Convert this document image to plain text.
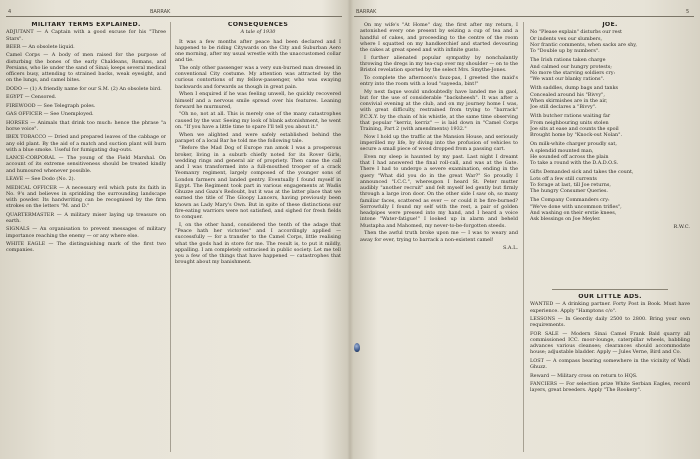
4	BARRAK
MILITARY TERMS EXPLAINED.

ADJUTANT — A Captain with a good excuse for his "Three Stars".

BEER — An obsolete liquid.

Camel Corps — A body of men raised for the purpose of disturbing the bones of the early Chaldeans, Romans, and Persians, who lie under the sand of Sinai; keeps several medical officers busy, attending to strained backs, weak eyesight, and on the lungs, and camel bites.

DODO — (1) A friendly name for our S.M. (2) An obsolete bird.

EGYPT — Censored.

FIREWOOD — See Telegraph poles.

GAS OFFICER — See Unemployed.

HORSES — Animals that drink too much: hence the phrase "a horse voice".

IBEX TOBACCO — Dried and prepared leaves of the cabbage or any old plant. By the aid of a match and suction plant will burn with a blue smoke. Useful for fumigating dug-outs.

LANCE-CORPORAL — The young of the Field Marshal. On account of its extreme sensitiveness should be treated kindly and humoured whenever possible.

LEAVE — See Dodo (No. 2).

MEDICAL OFFICER — A necessary evil which puts its faith in No. 9's and believes in sprinkling the surrounding landscape with powder. Its handwriting can be recognised by the firm strokes on the letters "M. and D."

QUARTERMASTER — A military miser laying up treasure on earth.

SIGNALS — An organisation to prevent messages of military importance reaching the enemy — or any where else.

WHITE EAGLE — The distinguishing mark of the first two companies.

CONSEQUENCES
A tale of 1930

It was a few months after peace had been declared and I happened to be riding Citywards on the City and Suburban Aero one morning, after my usual wrestle with the unaccustomed collar and tie.

The only other passenger was a very sun-burned man dressed in conventional City costume. My attention was attracted by the curious contortions of my fellow-passenger, who was swaying backwards and forwards as though in great pain.

When I enquired if he was feeling unwell, he quickly recovered himself and a nervous smile spread over his features. Leaning forward he murmured,

"Oh no, not at all. This is merely one of the many catastrophes caused by the war. Seeing my look of blank astonishment, he went on. "If you have a little time to spare I'll tell you about it."

When we alighted and were safely established behind the parapet of a local Bar he told me the following tale.

"Before the Mad Dog of Europe ran amok I was a prosperous broker, living in a suburb chiefly noted for its Rover Girls, wedding rings and general air of propriety. Then came the call and I was transformed into a full-mouthed trooper of a crack Yeomanry regiment, largely composed of the younger sons of London farmers and landed gentry. Eventually I found myself in Egypt. The Regiment took part in various engagements at Wadis Ghuzze and Gaza's Redoubt, but it was at the latter place that we earned the title of The Gloopy Lancers, having previously been known as Lady Mary's Own. But in spite of these distinctions our fire-eating warriors were not satisfied, and sighed for fresh fields to conquer.

I, on the other hand, considered the tenth of the adage that "Peace hath her victories" and I accordingly applied — successfully — for a transfer to the Camel Corps, little realising what the gods had in store for me. The result is, to put it mildly, appalling. I am completely ostracised in public society. Let me tell you a few of the things that have happened — catastrophes that brought about my banishment.

BARRAK	5

On my wife's "At Home" day, the first after my return, I astonished every one present by seizing a cup of tea and a handful of cakes, and proceeding to the centre of the room where I squatted on my handkerchief and started devouring the cakes at great speed and with infinite gusto.

I further alienated popular sympathy by nonchalantly throwing the dregs in my tea-cup over my shoulder — on to the Bristol revelation sported by the select Mrs. Smythe-Jones.

To complete the afternoon's faux-pas, I greeted the maid's entry into the room with a loud "sayeeda, bint!"

My next faque would undoubtedly have landed me in gaol, but for the use of considerable "backsheesh". It was after a convivial evening at the club, and on my journey home I was, with great difficulty, restrained from trying to "barrack" P.C.X.Y. by the chain of his whistle, at the same time observing that popular "kerriz, kerriz" — is laid down in "Camel Corps Training, Part 2 (with amendments) 1932."

Now I hold up the traffic at the Mansion House, and seriously imperilled my life, by diving into the profusion of vehicles to secure a small piece of wood dropped from a passing cart.

Even my sleep is haunted by my past. Last night I dreamt that I had answered the final roll-call, and was at the Gate. There I had to undergo a severe examination, ending in the query "What did you do in the great War?" So proudly I announced "I.C.C.", whereupon I heard St. Peter mutter audibly "another recruit" and felt myself led gently but firmly through a large iron door. On the other side I saw oh, so many familiar faces, scattered as ever — or could it be fire-burned? Sorrowfully I found my self with the rest, a pair of golden headpipes were pressed into my hand, and I heard a voice intone "Water-fatigue!" I looked up in alarm and beheld Mustapha and Mahomed, my never-to-be-forgotten steeds.

Then the awful truth broke upon me — I was to weary and away for ever, trying to barrack a non-existent camel!

S.A.L.
JOE.

No "Please explain" disturbs our rest

Or indents vex our slumbers,

Nor frantic comments, when sacks are shy,

To "Double up by numbers".

The Irish rations taken charge

And calmed our hungry protests;

No more the starving soldiers cry:

"We want our blanky rations".

With saddles, dump bags and tanks

Concealed around his "Bivvy",

When skirmishes are in the air,

Joe still declares a "Bivvy".

With butcher rations waiting far

From neighbouring units stolen

Joe sits at ease and counts the spoil

Brought home by "Knock-out Nolan".

On milk-white charger proudly sat,

A splendid mounted man,

He sounded off across the plain

To take a round with the D.A.D.O.S.

Gifts Demanded sick and takes the count,

Lots off a few still currents

To forage at last, till Joe returns,

The hungry Consumer Queries.

The Company Commanders cry:

"We've done with uncommon trifles",

And washing on their erstie knees,

Ask blessings on Joe Meyler.

R.W.C.
OUR LITTLE ADS.

WANTED — A drinking partner. Forty Post in Book. Must have experience. Apply "Hamptons c/o".

LESSONS — In Geordiy daily 2500 to 2800. Bring your own requirements.

FOR SALE — Modern Sinai Camel Frank Bald quarry all commissioned ICC. moor-lounge, caterpillar wheels, babbling advances various cleanses; clearances should accommodate house; adjustable bladder. Apply — Jules Verne, Bird and Co.

LOST — A compass bearing somewhere in the vicinity of Wadi Ghuzz.

Reward — Military cross on return to HQS.

FANCIERS — For selection prize White Serbian Eagles, record layers, great breeders. Apply "The Rookery".
